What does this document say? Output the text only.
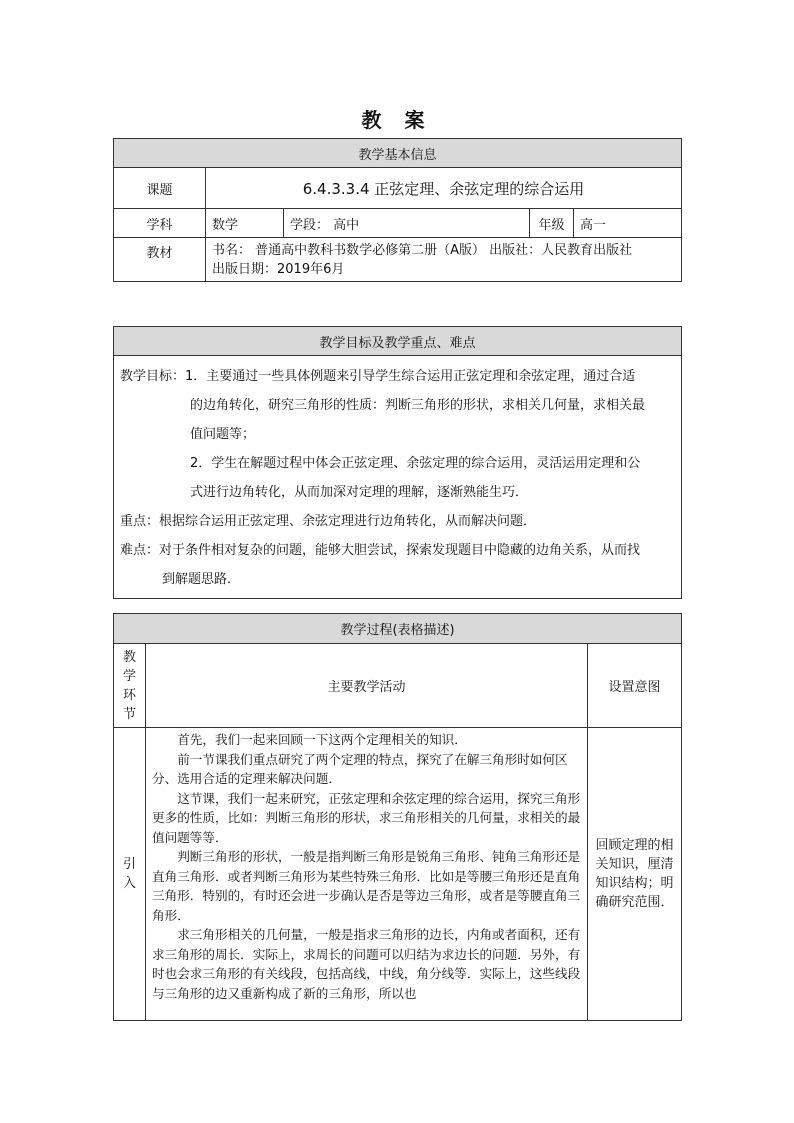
教 案
教学基本信息				
课题	6.4.3.3.4 正弦定理、余弦定理的综合运用			
学科	数学	学段： 高中	年级	高一
教材	书名： 普通高中教科书数学必修第二册（A版） 出版社：人民教育出版社
出版日期：2019年6月			
教学目标及教学重点、难点

教学目标：1．主要通过一些具体例题来引导学生综合运用正弦定理和余弦定理，通过合适

的边角转化，研究三角形的性质：判断三角形的形状，求相关几何量，求相关最

值问题等；

2．学生在解题过程中体会正弦定理、余弦定理的综合运用，灵活运用定理和公

式进行边角转化，从而加深对定理的理解，逐渐熟能生巧．

重点：根据综合运用正弦定理、余弦定理进行边角转化，从而解决问题．

难点：对于条件相对复杂的问题，能够大胆尝试，探索发现题目中隐藏的边角关系，从而找

到解题思路．

教学过程(表格描述)		
教学环节	主要教学活动	设置意图
引入	首先，我们一起来回顾一下这两个定理相关的知识．

前一节课我们重点研究了两个定理的特点，探究了在解三角形时如何区分、选用合适的定理来解决问题．

这节课，我们一起来研究，正弦定理和余弦定理的综合运用，探究三角形更多的性质，比如：判断三角形的形状，求三角形相关的几何量，求相关的最值问题等等．

判断三角形的形状，一般是指判断三角形是锐角三角形、钝角三角形还是直角三角形．或者判断三角形为某些特殊三角形．比如是等腰三角形还是直角三角形．特别的，有时还会进一步确认是否是等边三角形，或者是等腰直角三角形．

求三角形相关的几何量，一般是指求三角形的边长，内角或者面积，还有求三角形的周长．实际上，求周长的问题可以归结为求边长的问题．另外，有时也会求三角形的有关线段，包括高线，中线，角分线等．实际上，这些线段与三角形的边又重新构成了新的三角形，所以也	回顾定理的相关知识，厘清知识结构；明确研究范围．
